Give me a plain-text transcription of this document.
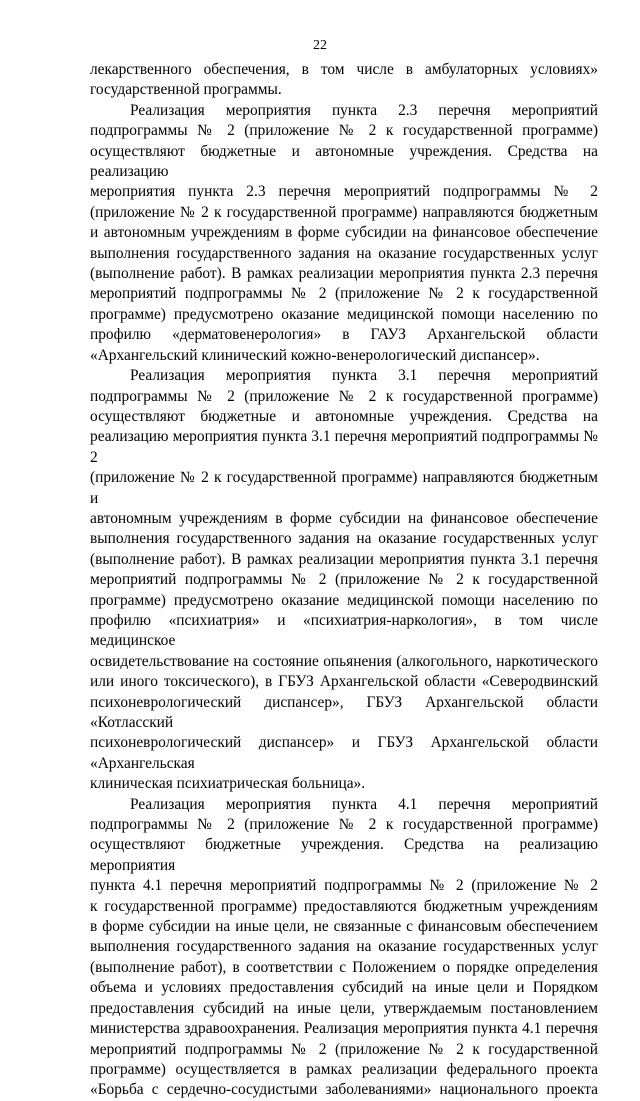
22

лекарственного обеспечения, в том числе в амбулаторных условиях»
государственной программы.

Реализация мероприятия пункта 2.3 перечня мероприятий
подпрограммы № 2 (приложение № 2 к государственной программе)
осуществляют бюджетные и автономные учреждения. Средства на реализацию
мероприятия пункта 2.3 перечня мероприятий подпрограммы № 2
(приложение № 2 к государственной программе) направляются бюджетным
и автономным учреждениям в форме субсидии на финансовое обеспечение
выполнения государственного задания на оказание государственных услуг
(выполнение работ). В рамках реализации мероприятия пункта 2.3 перечня
мероприятий подпрограммы № 2 (приложение № 2 к государственной
программе) предусмотрено оказание медицинской помощи населению по
профилю «дерматовенерология» в ГАУЗ Архангельской области
«Архангельский клинический кожно-венерологический диспансер».

Реализация мероприятия пункта 3.1 перечня мероприятий
подпрограммы № 2 (приложение № 2 к государственной программе)
осуществляют бюджетные и автономные учреждения. Средства на
реализацию мероприятия пункта 3.1 перечня мероприятий подпрограммы № 2
(приложение № 2 к государственной программе) направляются бюджетным и
автономным учреждениям в форме субсидии на финансовое обеспечение
выполнения государственного задания на оказание государственных услуг
(выполнение работ). В рамках реализации мероприятия пункта 3.1 перечня
мероприятий подпрограммы № 2 (приложение № 2 к государственной
программе) предусмотрено оказание медицинской помощи населению по
профилю «психиатрия» и «психиатрия-наркология», в том числе медицинское
освидетельствование на состояние опьянения (алкогольного, наркотического
или иного токсического), в ГБУЗ Архангельской области «Северодвинский
психоневрологический диспансер», ГБУЗ Архангельской области «Котласский
психоневрологический диспансер» и ГБУЗ Архангельской области «Архангельская
клиническая психиатрическая больница».

Реализация мероприятия пункта 4.1 перечня мероприятий
подпрограммы № 2 (приложение № 2 к государственной программе)
осуществляют бюджетные учреждения. Средства на реализацию мероприятия
пункта 4.1 перечня мероприятий подпрограммы № 2 (приложение № 2
к государственной программе) предоставляются бюджетным учреждениям
в форме субсидии на иные цели, не связанные с финансовым обеспечением
выполнения государственного задания на оказание государственных услуг
(выполнение работ), в соответствии с Положением о порядке определения
объема и условиях предоставления субсидий на иные цели и Порядком
предоставления субсидий на иные цели, утверждаемым постановлением
министерства здравоохранения. Реализация мероприятия пункта 4.1 перечня
мероприятий подпрограммы № 2 (приложение № 2 к государственной
программе) осуществляется в рамках реализации федерального проекта
«Борьба с сердечно-сосудистыми заболеваниями» национального проекта
